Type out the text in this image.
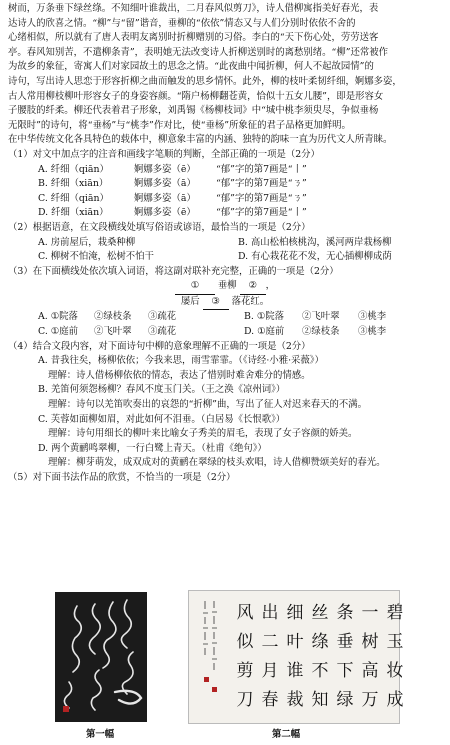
树而，万条垂下绿丝绦。不知细叶谁裁出，二月春风似剪刀》，诗人借柳寓指美好春光，表

达诗人的欣喜之情。“柳”与“留”谐音，垂柳的“依依”情态又与人们分别时依依不舍的

心绪相似，所以就有了唐人表明友离别时折柳赠别的习俗。李白的“天下伤心处，劳劳送客

亭。春风知别苦，不遣柳条青”，表明她无法改变诗人折柳送别时的离愁别绪。“柳”还常被作

为故乡的象征，寄寓人们对家园故土的思念之情。“此夜曲中闻折柳，何人不起故园情”的

诗句，写出诗人思恋于形容折柳之曲而触发的思乡情怀。此外，柳的枝叶柔韧纤细，婀娜多姿，

古人常用柳枝柳叶形容女子的身姿容颜。“隋户杨柳翻苍黄，恰似十五女儿腰”，即是形容女

子腰肢的纤柔。柳还代表着君子形象，刘禹锡《杨柳枝词》中“城中桃李须臾尽，争似垂杨

无限时”的诗句，将“垂杨”与“桃李”作对比，使“垂杨”所象征的君子品格更加鲜明。

在中华传统文化各具特色的载体中，柳意象丰富的内涵、独特的韵味一直为历代文人所青睐。

（1）对文中加点字的注音和画线字笔顺的判断，全部正确的一项是（2分）

A. 纤细（qiān）	婀娜多姿（ē） “郁”字的第7画是“丨”

B. 纤细（xiān）	婀娜多姿（ā） “郁”字的第7画是“ㄋ”

C. 纤细（qiān）	婀娜多姿（ā） “郁”字的第7画是“ㄋ”

D. 纤细（xiān）	婀娜多姿（ē） “郁”字的第7画是“丨”

（2）根据语意，在文段横线处填写俗语或谚语，最恰当的一项是（2分）

A. 房前屋后，栽桑种柳	B. 高山松柏核桃沟，溪河两岸栽杨柳
C. 柳树不怕淹，松树不怕干	D. 有心栽花花不发，无心插柳柳成荫

（3）在下面横线处依次填入词语，将这副对联补充完整，正确的一项是（2分）

① 垂柳 ② ，

屡后 ③ 落花红。

A. ①院落 ②绿枝条 ③疏花	B. ①院落 ②飞叶翠 ③桃李
C. ①庭前 ②飞叶翠 ③疏花	D. ①庭前 ②绿枝条 ③桃李

（4）结合文段内容，对下面诗句中柳的意象理解不正确的一项是（2分）

A. 昔我往矣，杨柳依依；今我来思，雨雪霏霏。（《诗经·小雅·采薇》）

理解：诗人借杨柳依依的情态，表达了惜别时难舍难分的情感。

B. 羌笛何须怨杨柳？春风不度玉门关。（王之涣《凉州词》）

理解：诗句以羌笛吹奏出的哀怨的“折柳”曲，写出了征人对迟来春天的不满。

C. 芙蓉如面柳如眉，对此如何不泪垂。（白居易《长恨歌》）

理解：诗句用细长的柳叶来比喻女子秀美的眉毛，表现了女子容颜的娇美。

D. 两个黄鹂鸣翠柳，一行白鹭上青天。（杜甫《绝句》）

理解：柳芽萌发，成双成对的黄鹂在翠绿的枝头欢唱，诗人借柳赞颂美好的春光。

（5）对下面书法作品的欣赏，不恰当的一项是（2分）

第一幅
碧
玉
妆
成
一
树
高
万
条
垂
下
绿
丝
绦
不
知
细
叶
谁
裁
出
二
月
春
风
似
剪
刀
第二幅
